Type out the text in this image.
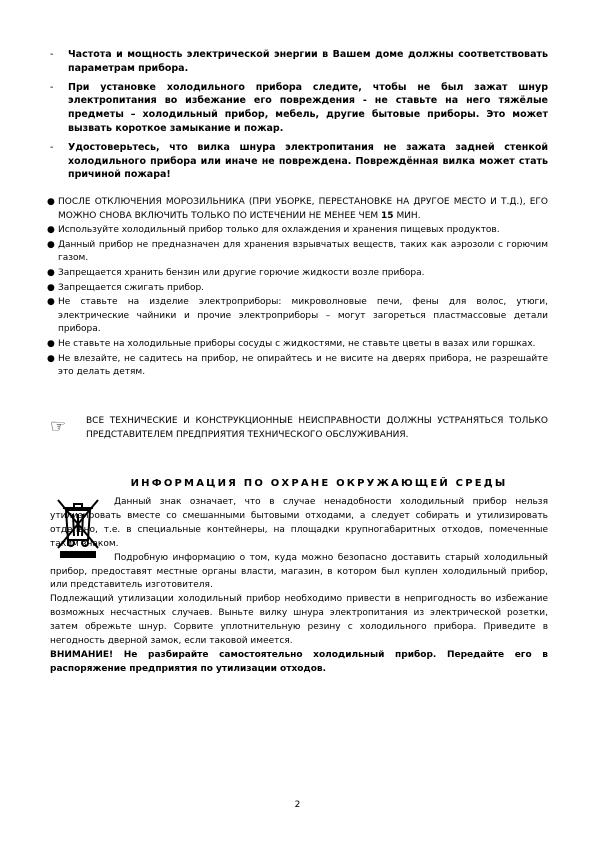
-	Частота и мощность электрической энергии в Вашем доме должны соответствовать параметрам прибора.
-	При установке холодильного прибора следите, чтобы не был зажат шнур электропитания во избежание его повреждения - не ставьте на него тяжёлые предметы – холодильный прибор, мебель, другие бытовые приборы. Это может вызвать короткое замыкание и пожар.
-	Удостоверьтесь, что вилка шнура электропитания не зажата задней стенкой холодильного прибора или иначе не повреждена. Повреждённая вилка может стать причиной пожара!
● ПОСЛЕ ОТКЛЮЧЕНИЯ МОРОЗИЛЬНИКА (ПРИ УБОРКЕ, ПЕРЕСТАНОВКЕ НА ДРУГОЕ МЕСТО И Т.Д.), ЕГО МОЖНО СНОВА ВКЛЮЧИТЬ ТОЛЬКО ПО ИСТЕЧЕНИИ НЕ МЕНЕЕ ЧЕМ 15 МИН.
● Используйте холодильный прибор только для охлаждения и хранения пищевых продуктов.
● Данный прибор не предназначен для хранения взрывчатых веществ, таких как аэрозоли с горючим газом.
● Запрещается хранить бензин или другие горючие жидкости возле прибора.
● Запрещается сжигать прибор.
● Не ставьте на изделие электроприборы: микроволновые печи, фены для волос, утюги, электрические чайники и прочие электроприборы – могут загореться пластмассовые детали прибора.
● Не ставьте на холодильные приборы сосуды с жидкостями, не ставьте цветы в вазах или горшках.
● Не влезайте, не садитесь на прибор, не опирайтесь и не висите на дверях прибора, не разрешайте это делать детям.
☞	ВСЕ ТЕХНИЧЕСКИЕ И КОНСТРУКЦИОННЫЕ НЕИСПРАВНОСТИ ДОЛЖНЫ УСТРАНЯТЬСЯ ТОЛЬКО ПРЕДСТАВИТЕЛЕМ ПРЕДПРИЯТИЯ ТЕХНИЧЕСКОГО ОБСЛУЖИВАНИЯ.
ИНФОРМАЦИЯ ПО ОХРАНЕ ОКРУЖАЮЩЕЙ СРЕДЫ

Данный знак означает, что в случае ненадобности холодильный прибор нельзя утилизировать вместе со смешанными бытовыми отходами, а следует собирать и утилизировать отдельно, т.е. в специальные контейнеры, на площадки крупногабаритных отходов, помеченные таким знаком.

Подробную информацию о том, куда можно безопасно доставить старый холодильный прибор, предоставят местные органы власти, магазин, в котором был куплен холодильный прибор, или представитель изготовителя.

Подлежащий утилизации холодильный прибор необходимо привести в непригодность во избежание возможных несчастных случаев. Выньте вилку шнура электропитания из электрической розетки, затем обрежьте шнур. Сорвите уплотнительную резину с холодильного прибора. Приведите в негодность дверной замок, если таковой имеется.

ВНИМАНИЕ! Не разбирайте самостоятельно холодильный прибор. Передайте его в распоряжение предприятия по утилизации отходов.

2
